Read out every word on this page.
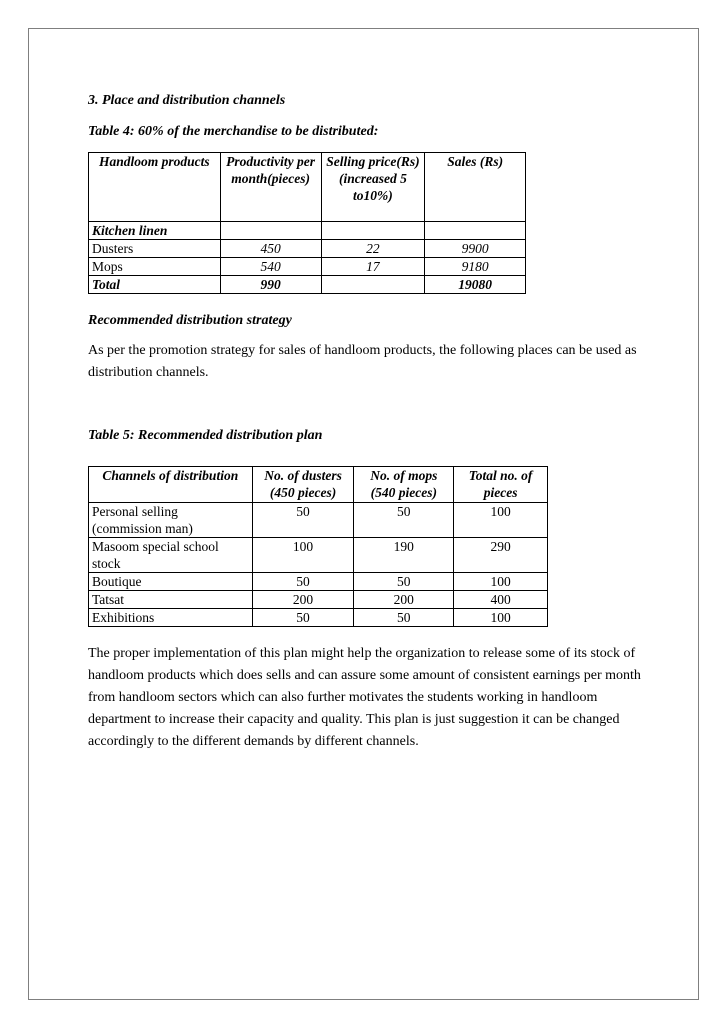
3. Place and distribution channels
Table 4: 60% of the merchandise to be distributed:
Handloom products	Productivity per month(pieces)	Selling price(Rs) (increased 5 to10%)	Sales (Rs)
Kitchen linen			
Dusters	450	22	9900
Mops	540	17	9180
Total	990		19080
Recommended distribution strategy
As per the promotion strategy for sales of handloom products, the following places can be used as distribution channels.
Table 5: Recommended distribution plan
Channels of distribution	No. of dusters (450 pieces)	No. of mops (540 pieces)	Total no. of pieces
Personal selling (commission man)	50	50	100
Masoom special school stock	100	190	290
Boutique	50	50	100
Tatsat	200	200	400
Exhibitions	50	50	100
The proper implementation of this plan might help the organization to release some of its stock of handloom products which does sells and can assure some amount of consistent earnings per month from handloom sectors which can also further motivates the students working in handloom department to increase their capacity and quality. This plan is just suggestion it can be changed accordingly to the different demands by different channels.
